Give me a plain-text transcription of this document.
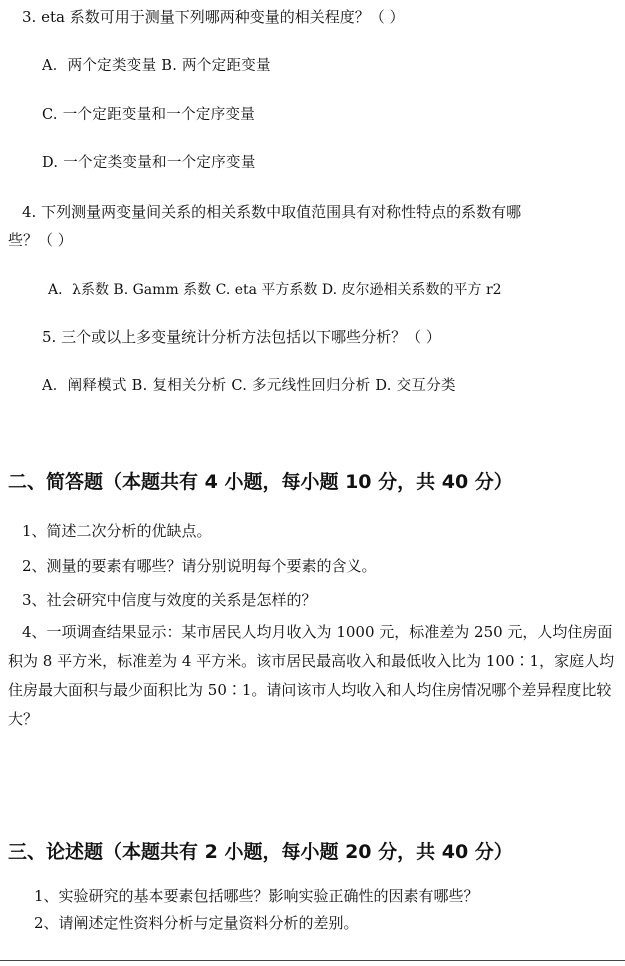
3. eta 系数可用于测量下列哪两种变量的相关程度？（ ）
A．两个定类变量 B. 两个定距变量
C. 一个定距变量和一个定序变量
D. 一个定类变量和一个定序变量
4. 下列测量两变量间关系的相关系数中取值范围具有对称性特点的系数有哪
些？（ ）
A．λ系数 B. Gamm 系数 C. eta 平方系数 D. 皮尔逊相关系数的平方 r2
5. 三个或以上多变量统计分析方法包括以下哪些分析？（ ）
A．阐释模式 B. 复相关分析 C. 多元线性回归分析 D. 交互分类
二、简答题（本题共有 4 小题，每小题 10 分，共 40 分）
1、简述二次分析的优缺点。
2、测量的要素有哪些？请分别说明每个要素的含义。
3、社会研究中信度与效度的关系是怎样的？
4、一项调查结果显示：某市居民人均月收入为 1000 元，标准差为 250 元，人均住房面积为 8 平方米，标准差为 4 平方米。该市居民最高收入和最低收入比为 100∶1，家庭人均住房最大面积与最少面积比为 50∶1。请问该市人均收入和人均住房情况哪个差异程度比较大？
三、论述题（本题共有 2 小题，每小题 20 分，共 40 分）
1、实验研究的基本要素包括哪些？影响实验正确性的因素有哪些？
2、请阐述定性资料分析与定量资料分析的差别。
